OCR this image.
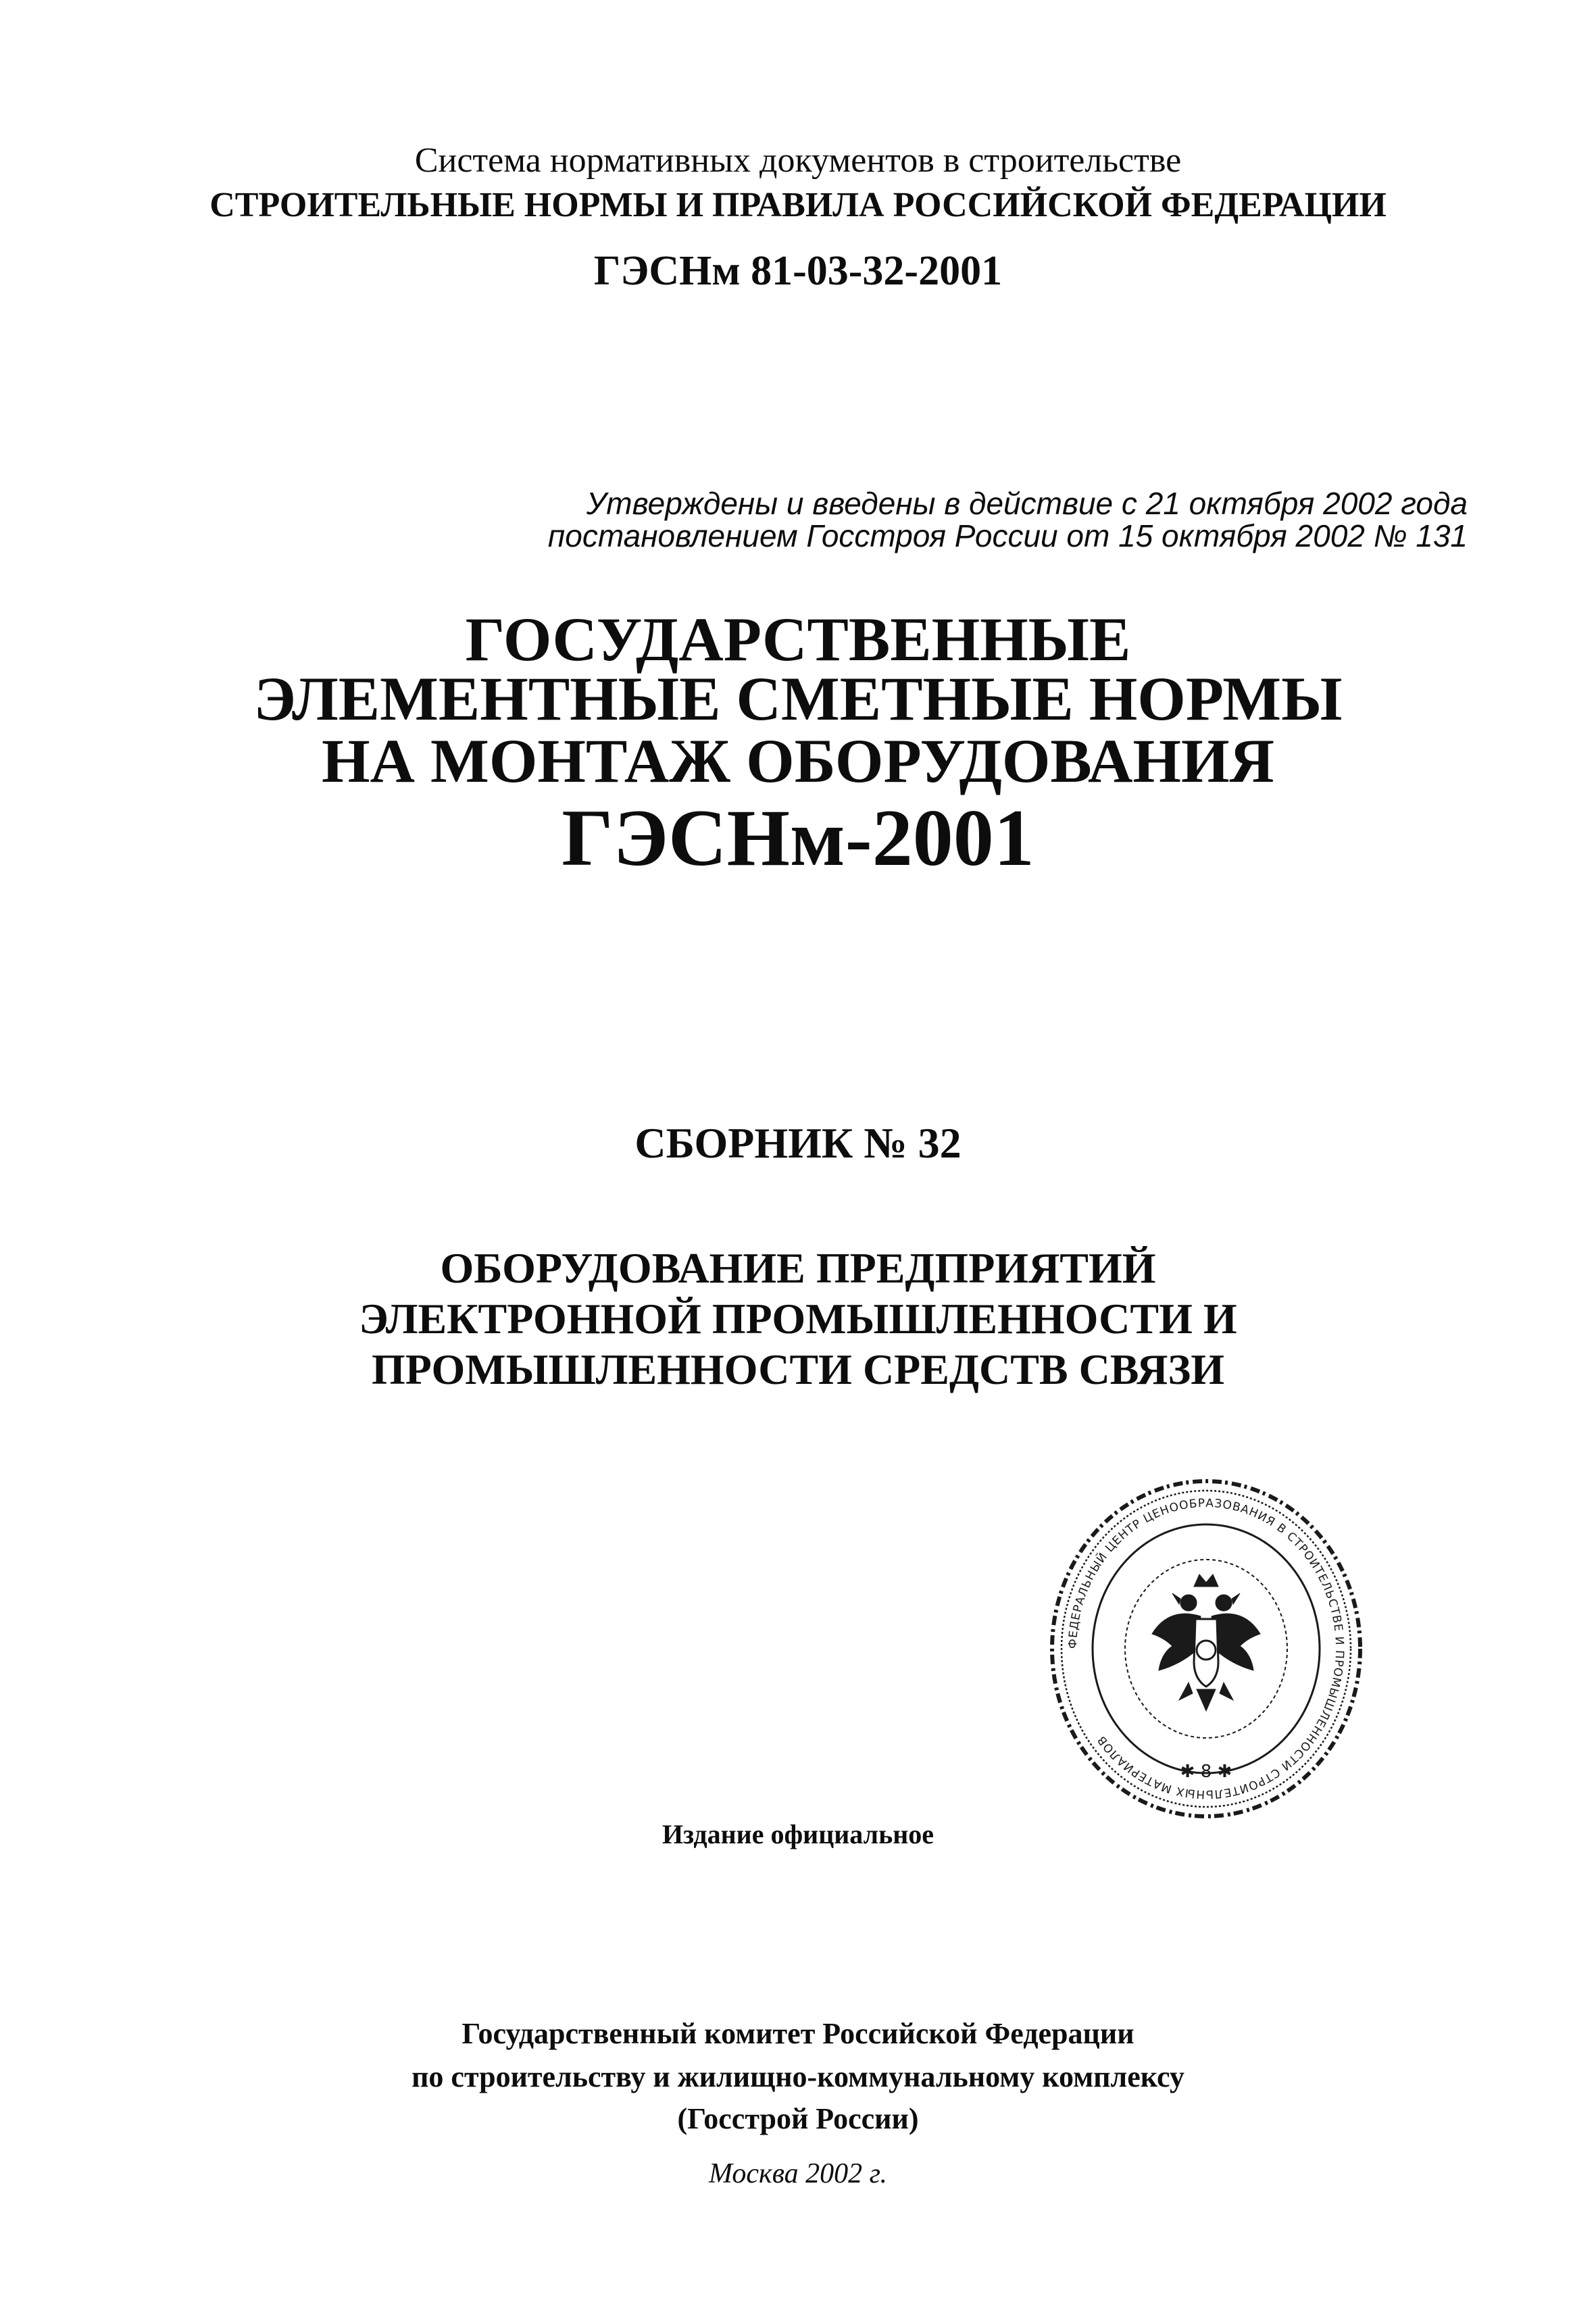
Система нормативных документов в строительстве
СТРОИТЕЛЬНЫЕ НОРМЫ И ПРАВИЛА РОССИЙСКОЙ ФЕДЕРАЦИИ
ГЭСНм 81-03-32-2001
Утверждены и введены в действие с 21 октября 2002 года
постановлением Госстроя России от 15 октября 2002 № 131
ГОСУДАРСТВЕННЫЕ
ЭЛЕМЕНТНЫЕ СМЕТНЫЕ НОРМЫ
НА МОНТАЖ ОБОРУДОВАНИЯ
ГЭСНм-2001
СБОРНИК № 32
ОБОРУДОВАНИЕ ПРЕДПРИЯТИЙ
ЭЛЕКТРОННОЙ ПРОМЫШЛЕННОСТИ И
ПРОМЫШЛЕННОСТИ СРЕДСТВ СВЯЗИ
ФЕДЕРАЛЬНЫЙ ЦЕНТР ЦЕНООБРАЗОВАНИЯ В СТРОИТЕЛЬСТВЕ И ПРОМЫШЛЕННОСТИ СТРОИТЕЛЬНЫХ МАТЕРИАЛОВ
✱ 8 ✱
Издание официальное
Государственный комитет Российской Федерации
по строительству и жилищно-коммунальному комплексу
(Госстрой России)
Москва 2002 г.
